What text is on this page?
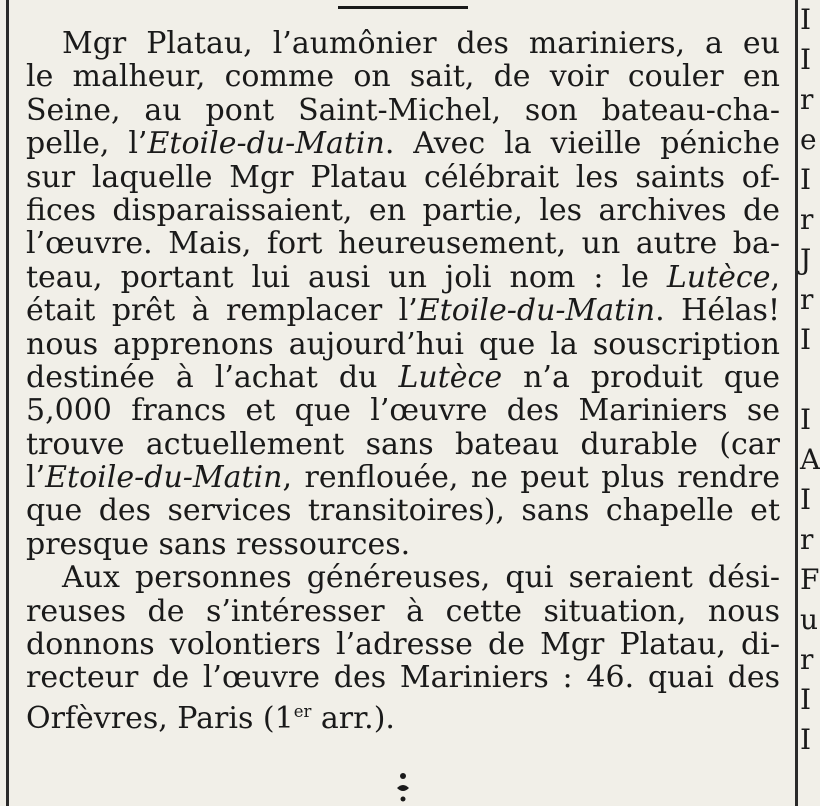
Mgr Platau, l’aumônier des mariniers, a eu
le malheur, comme on sait, de voir couler en
Seine, au pont Saint-Michel, son bateau-cha-
pelle, l’Etoile-du-Matin. Avec la vieille péniche
sur laquelle Mgr Platau célébrait les saints of-
fices disparaissaient, en partie, les archives de
l’œuvre. Mais, fort heureusement, un autre ba-
teau, portant lui ausi un joli nom : le Lutèce,
était prêt à remplacer l’Etoile-du-Matin. Hélas!
nous apprenons aujourd’hui que la souscription
destinée à l’achat du Lutèce n’a produit que
5,000 francs et que l’œuvre des Mariniers se
trouve actuellement sans bateau durable (car
l’Etoile-du-Matin, renflouée, ne peut plus rendre
que des services transitoires), sans chapelle et
presque sans ressources.
Aux personnes généreuses, qui seraient dési-
reuses de s’intéresser à cette situation, nous
donnons volontiers l’adresse de Mgr Platau, di-
recteur de l’œuvre des Mariniers : 46. quai des
Orfèvres, Paris (1er arr.).
I
I
r
e
I
r
J
r
I
I
A
I
r
F
u
r
I
I
